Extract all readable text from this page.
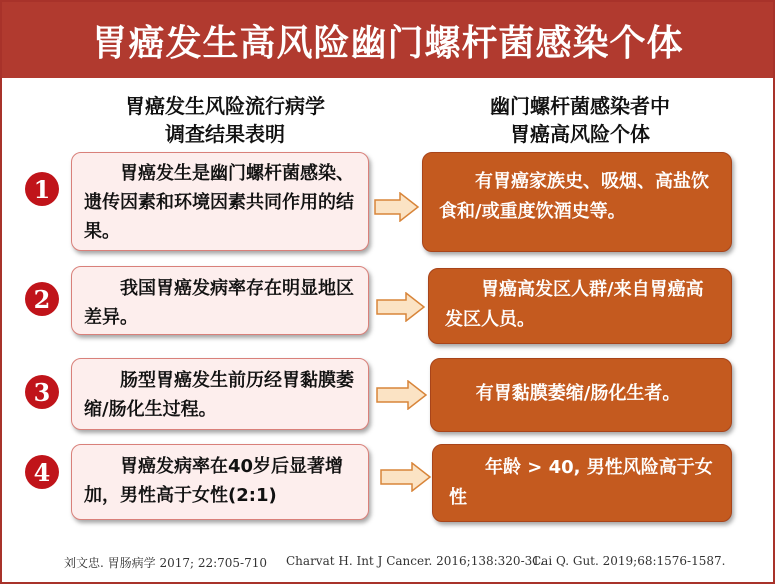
胃癌发生高风险幽门螺杆菌感染个体
胃癌发生风险流行病学
调查结果表明
幽门螺杆菌感染者中
胃癌高风险个体
1
胃癌发生是幽门螺杆菌感染、遗传因素和环境因素共同作用的结果。
有胃癌家族史、吸烟、高盐饮食和/或重度饮酒史等。
2	我国胃癌发病率存在明显地区差异。
胃癌高发区人群/来自胃癌高发区人员。
3	肠型胃癌发生前历经胃黏膜萎缩/肠化生过程。
有胃黏膜萎缩/肠化生者。
4	胃癌发病率在40岁后显著增加，男性高于女性(2:1)
年龄 > 40, 男性风险高于女性
刘文忠. 胃肠病学 2017; 22:705-710 Charvat H. Int J Cancer. 2016;138:320-31.
Cai Q. Gut. 2019;68:1576-1587.
